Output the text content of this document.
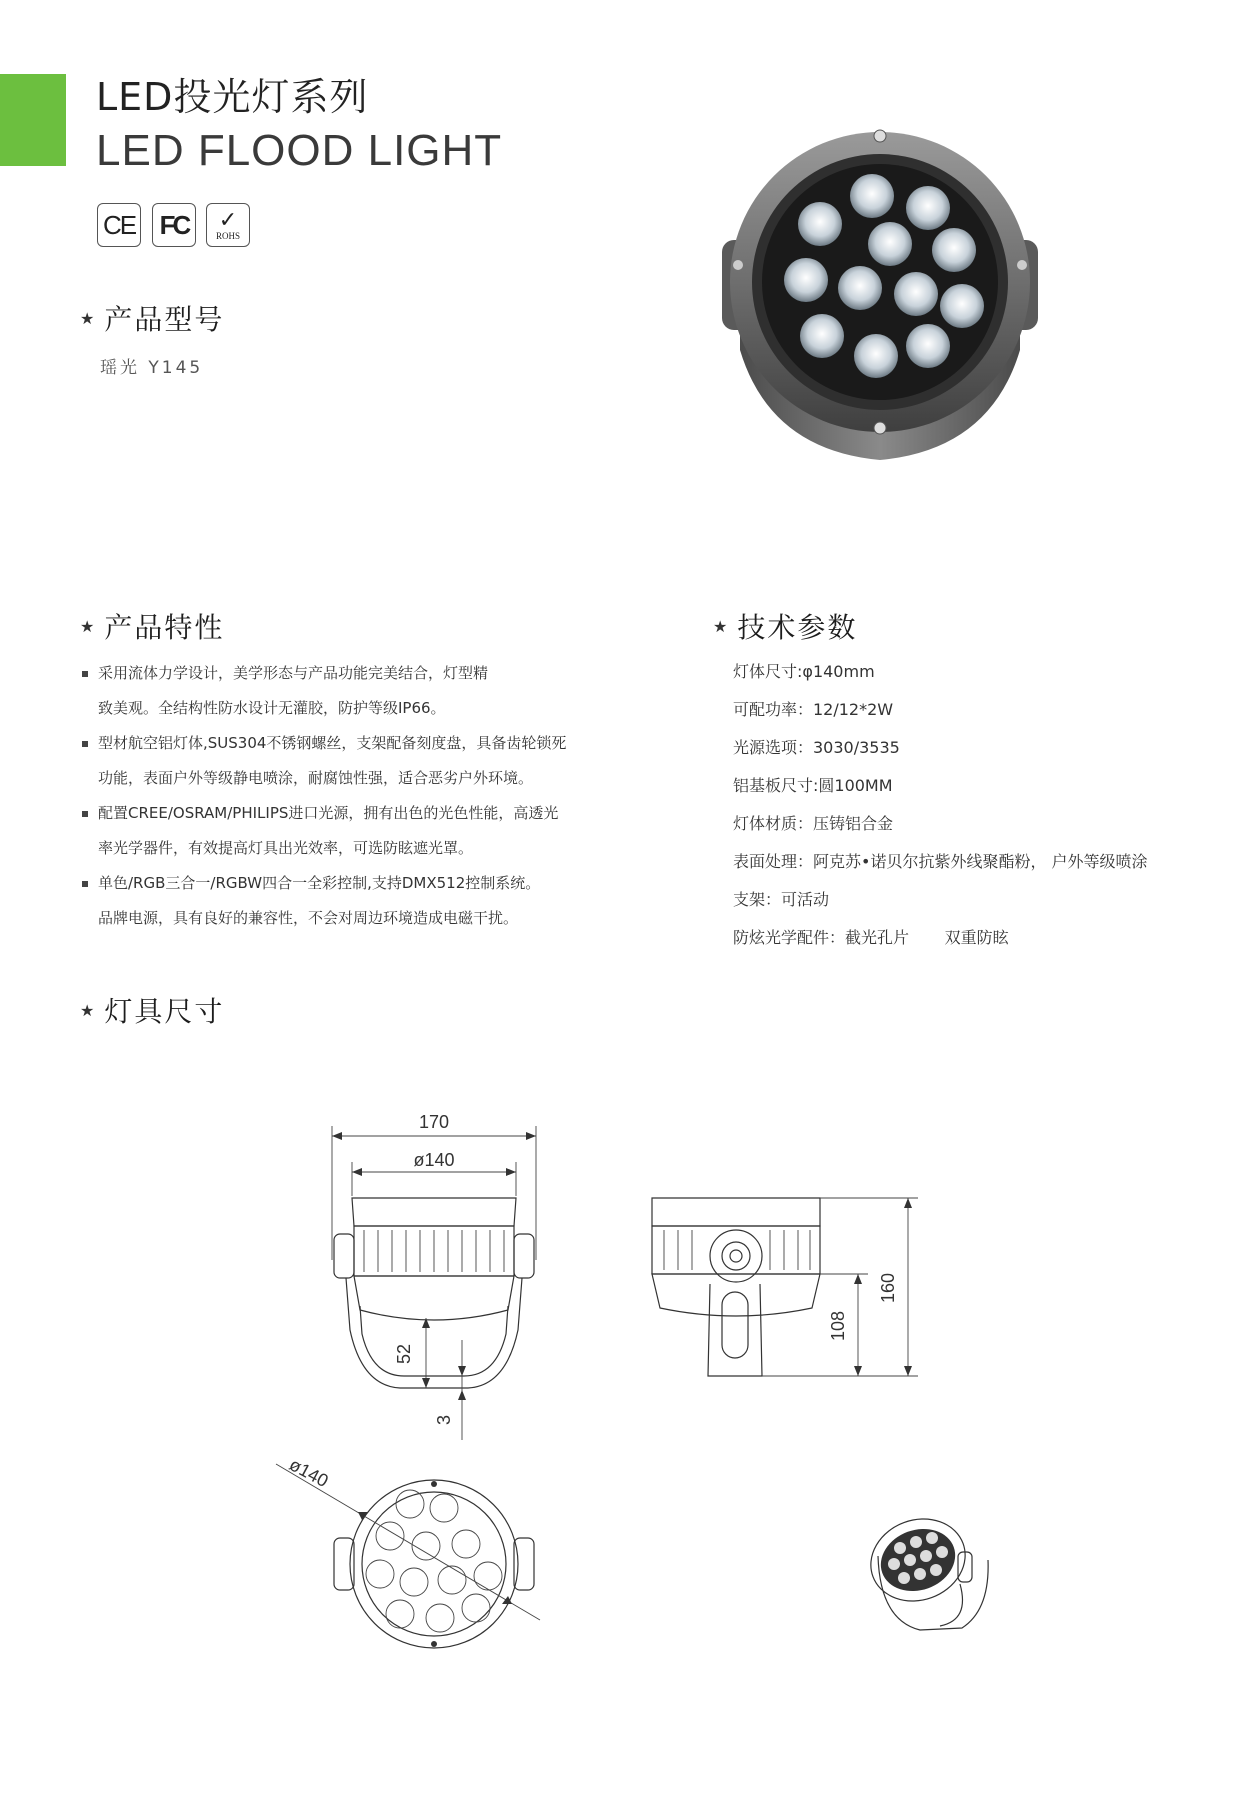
LED投光灯系列
LED FLOOD LIGHT
CE FC ✓
ROHS
★ 产品型号
瑶光 Y145
★ 产品特性
采用流体力学设计，美学形态与产品功能完美结合，灯型精
致美观。全结构性防水设计无灌胶，防护等级IP66。
型材航空铝灯体,SUS304不锈钢螺丝，支架配备刻度盘，具备齿轮锁死
功能，表面户外等级静电喷涂，耐腐蚀性强，适合恶劣户外环境。
配置CREE/OSRAM/PHILIPS进口光源，拥有出色的光色性能，高透光
率光学器件，有效提高灯具出光效率，可选防眩遮光罩。
单色/RGB三合一/RGBW四合一全彩控制,支持DMX512控制系统。
品牌电源，具有良好的兼容性，不会对周边环境造成电磁干扰。
★ 技术参数
灯体尺寸:φ140mm
可配功率：12/12*2W
光源选项：3030/3535
铝基板尺寸:圆100MM
灯体材质：压铸铝合金
表面处理：阿克苏•诺贝尔抗紫外线聚酯粉， 户外等级喷涂
支架：可活动
防炫光学配件：截光孔片       双重防眩
★ 灯具尺寸
170
ø140
52
3
108
160
ø140
